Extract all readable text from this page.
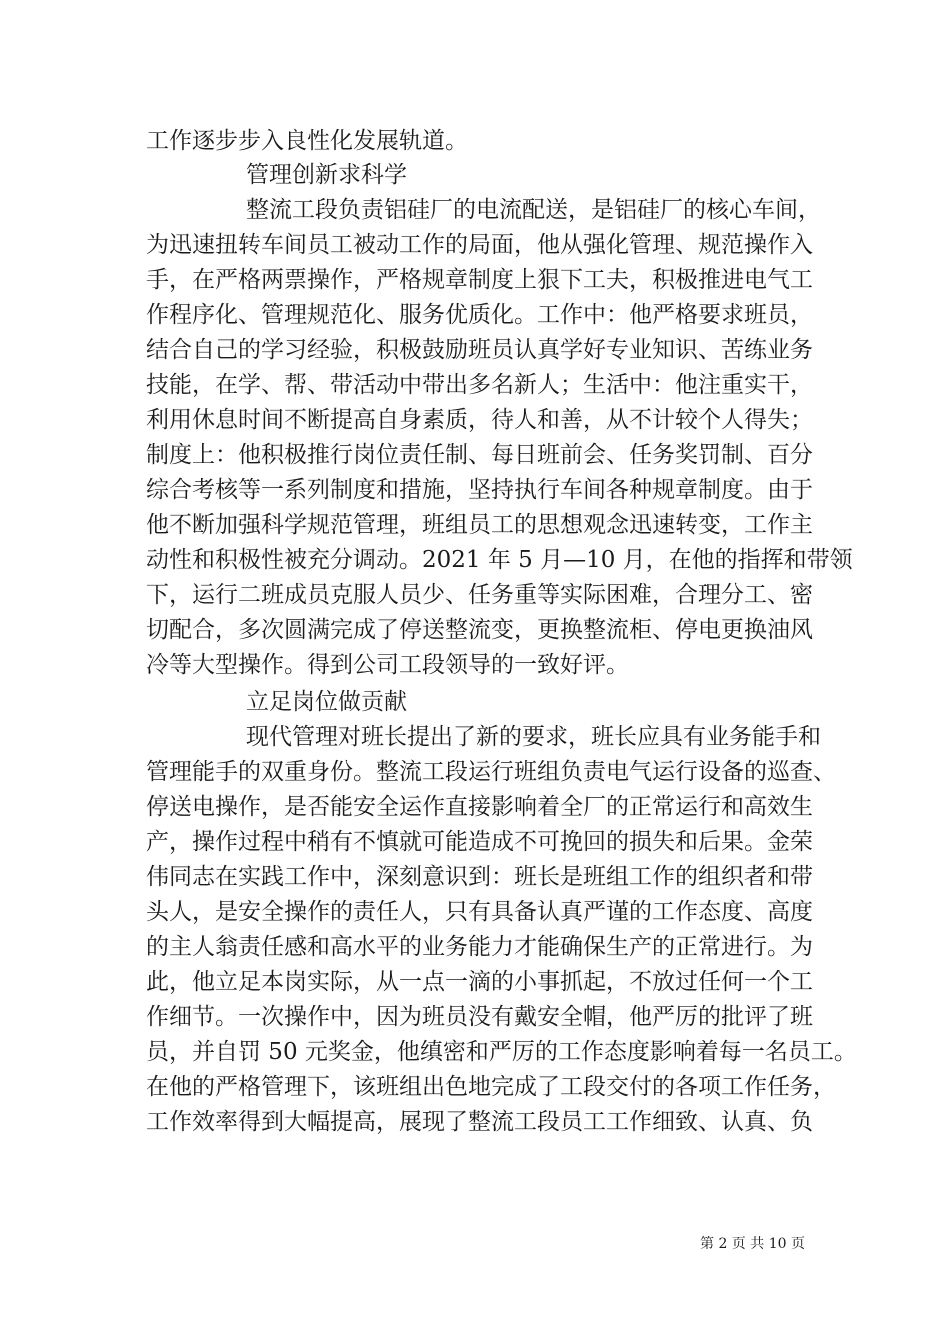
工作逐步步入良性化发展轨道。
管理创新求科学
整流工段负责铝硅厂的电流配送，是铝硅厂的核心车间，
为迅速扭转车间员工被动工作的局面，他从强化管理、规范操作入
手，在严格两票操作，严格规章制度上狠下工夫，积极推进电气工
作程序化、管理规范化、服务优质化。工作中：他严格要求班员，
结合自己的学习经验，积极鼓励班员认真学好专业知识、苦练业务
技能，在学、帮、带活动中带出多名新人；生活中：他注重实干，
利用休息时间不断提高自身素质，待人和善，从不计较个人得失；
制度上：他积极推行岗位责任制、每日班前会、任务奖罚制、百分
综合考核等一系列制度和措施，坚持执行车间各种规章制度。由于
他不断加强科学规范管理，班组员工的思想观念迅速转变，工作主
动性和积极性被充分调动。2021 年 5 月—10 月，在他的指挥和带领
下，运行二班成员克服人员少、任务重等实际困难，合理分工、密
切配合，多次圆满完成了停送整流变，更换整流柜、停电更换油风
冷等大型操作。得到公司工段领导的一致好评。
立足岗位做贡献
现代管理对班长提出了新的要求，班长应具有业务能手和
管理能手的双重身份。整流工段运行班组负责电气运行设备的巡查、
停送电操作，是否能安全运作直接影响着全厂的正常运行和高效生
产，操作过程中稍有不慎就可能造成不可挽回的损失和后果。金荣
伟同志在实践工作中，深刻意识到：班长是班组工作的组织者和带
头人，是安全操作的责任人，只有具备认真严谨的工作态度、高度
的主人翁责任感和高水平的业务能力才能确保生产的正常进行。为
此，他立足本岗实际，从一点一滴的小事抓起，不放过任何一个工
作细节。一次操作中，因为班员没有戴安全帽，他严厉的批评了班
员，并自罚 50 元奖金，他缜密和严厉的工作态度影响着每一名员工。
在他的严格管理下，该班组出色地完成了工段交付的各项工作任务，
工作效率得到大幅提高，展现了整流工段员工工作细致、认真、负
第 2 页 共 10 页
